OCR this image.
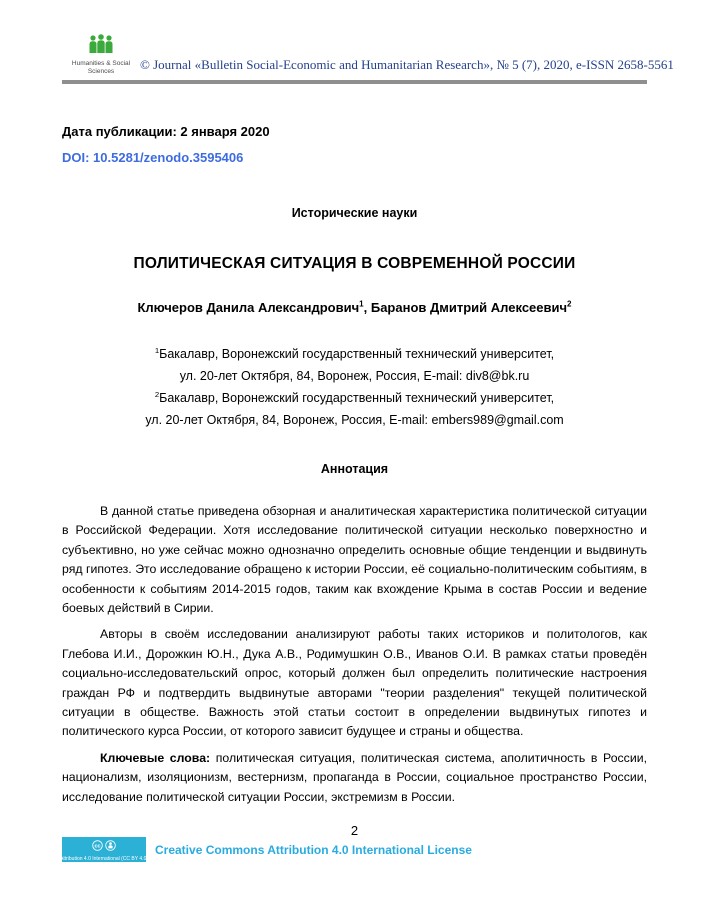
Humanities & Social
Sciences	© Journal «Bulletin Social-Economic and Humanitarian Research», № 5 (7), 2020, e-ISSN 2658-5561
Дата публикации: 2 января 2020
DOI: 10.5281/zenodo.3595406
Исторические науки
ПОЛИТИЧЕСКАЯ СИТУАЦИЯ В СОВРЕМЕННОЙ РОССИИ
Ключеров Данила Александрович$^1$, Баранов Дмитрий Алексеевич$^2$
$^1$Бакалавр, Воронежский государственный технический университет,
ул. 20-лет Октября, 84, Воронеж, Россия, E-mail: div8@bk.ru
$^2$Бакалавр, Воронежский государственный технический университет,
ул. 20-лет Октября, 84, Воронеж, Россия, E-mail: embers989@gmail.com
Аннотация

В данной статье приведена обзорная и аналитическая характеристика политической ситуации в Российской Федерации. Хотя исследование политической ситуации несколько поверхностно и субъективно, но уже сейчас можно однозначно определить основные общие тенденции и выдвинуть ряд гипотез. Это исследование обращено к истории России, её социально-политическим событиям, в особенности к событиям 2014-2015 годов, таким как вхождение Крыма в состав России и ведение боевых действий в Сирии.

Авторы в своём исследовании анализируют работы таких историков и политологов, как Глебова И.И., Дорожкин Ю.Н., Дука А.В., Родимушкин О.В., Иванов О.И. В рамках статьи проведён социально-исследовательский опрос, который должен был определить политические настроения граждан РФ и подтвердить выдвинутые авторами "теории разделения" текущей политической ситуации в обществе. Важность этой статьи состоит в определении выдвинутых гипотез и политического курса России, от которого зависит будущее и страны и общества.

Ключевые слова: политическая ситуация, политическая система, аполитичность в России, национализм, изоляционизм, вестернизм, пропаганда в России, социальное пространство России, исследование политической ситуации России, экстремизм в России.

2
cc
Attribution 4.0 International (CC BY 4.0)
Creative Commons Attribution 4.0 International License
